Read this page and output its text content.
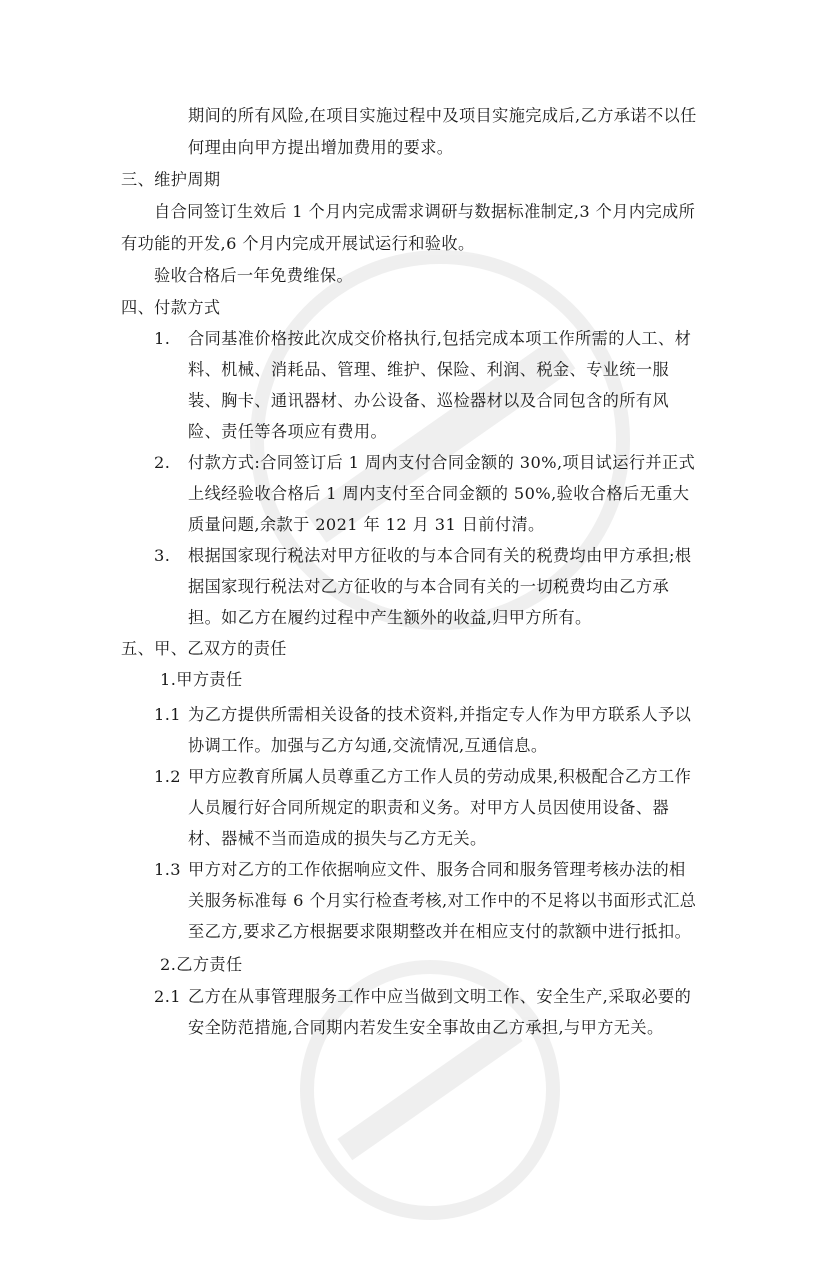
期间的所有风险,在项目实施过程中及项目实施完成后,乙方承诺不以任
何理由向甲方提出增加费用的要求。
三、维护周期
自合同签订生效后 1 个月内完成需求调研与数据标准制定,3 个月内完成所
有功能的开发,6 个月内完成开展试运行和验收。
验收合格后一年免费维保。
四、付款方式
1. 合同基准价格按此次成交价格执行,包括完成本项工作所需的人工、材
料、机械、消耗品、管理、维护、保险、利润、税金、专业统一服
装、胸卡、通讯器材、办公设备、巡检器材以及合同包含的所有风
险、责任等各项应有费用。
2. 付款方式:合同签订后 1 周内支付合同金额的 30%,项目试运行并正式
上线经验收合格后 1 周内支付至合同金额的 50%,验收合格后无重大
质量问题,余款于 2021 年 12 月 31 日前付清。
3. 根据国家现行税法对甲方征收的与本合同有关的税费均由甲方承担;根
据国家现行税法对乙方征收的与本合同有关的一切税费均由乙方承
担。如乙方在履约过程中产生额外的收益,归甲方所有。
五、甲、乙双方的责任
1.甲方责任
1.1 为乙方提供所需相关设备的技术资料,并指定专人作为甲方联系人予以
协调工作。加强与乙方勾通,交流情况,互通信息。
1.2 甲方应教育所属人员尊重乙方工作人员的劳动成果,积极配合乙方工作
人员履行好合同所规定的职责和义务。对甲方人员因使用设备、器
材、器械不当而造成的损失与乙方无关。
1.3 甲方对乙方的工作依据响应文件、服务合同和服务管理考核办法的相
关服务标准每 6 个月实行检查考核,对工作中的不足将以书面形式汇总
至乙方,要求乙方根据要求限期整改并在相应支付的款额中进行抵扣。
2.乙方责任
2.1 乙方在从事管理服务工作中应当做到文明工作、安全生产,采取必要的
安全防范措施,合同期内若发生安全事故由乙方承担,与甲方无关。
